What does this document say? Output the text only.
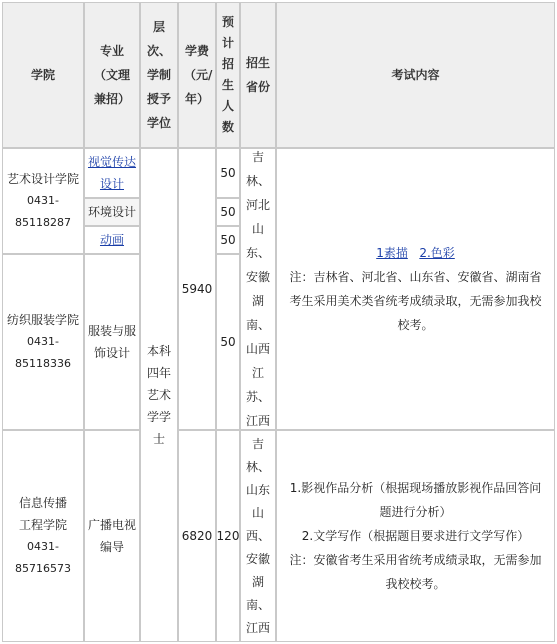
学院
专业（文理兼招）
层次、学制授予学位
学费（元/年）
预计招生人数
招生省份
考试内容
艺术设计学院
0431-85118287
视觉传达设计
环境设计
动画
纺织服装学院
0431-85118336
服装与服饰设计	本科四年艺术学学士
5940
50
50
50
50
吉林、河北山东、安徽湖南、山西江苏、江西
1素描 2.色彩
注：吉林省、河北省、山东省、安徽省、湖南省考生采用美术类省统考成绩录取，无需参加我校校考。
信息传播工程学院
0431-85716573
广播电视编导
6820 120
吉林、山东山西、安徽湖南、江西
1.影视作品分析（根据现场播放影视作品回答问题进行分析）
2.文学写作（根据题目要求进行文学写作）
注：安徽省考生采用省统考成绩录取，无需参加我校校考。
